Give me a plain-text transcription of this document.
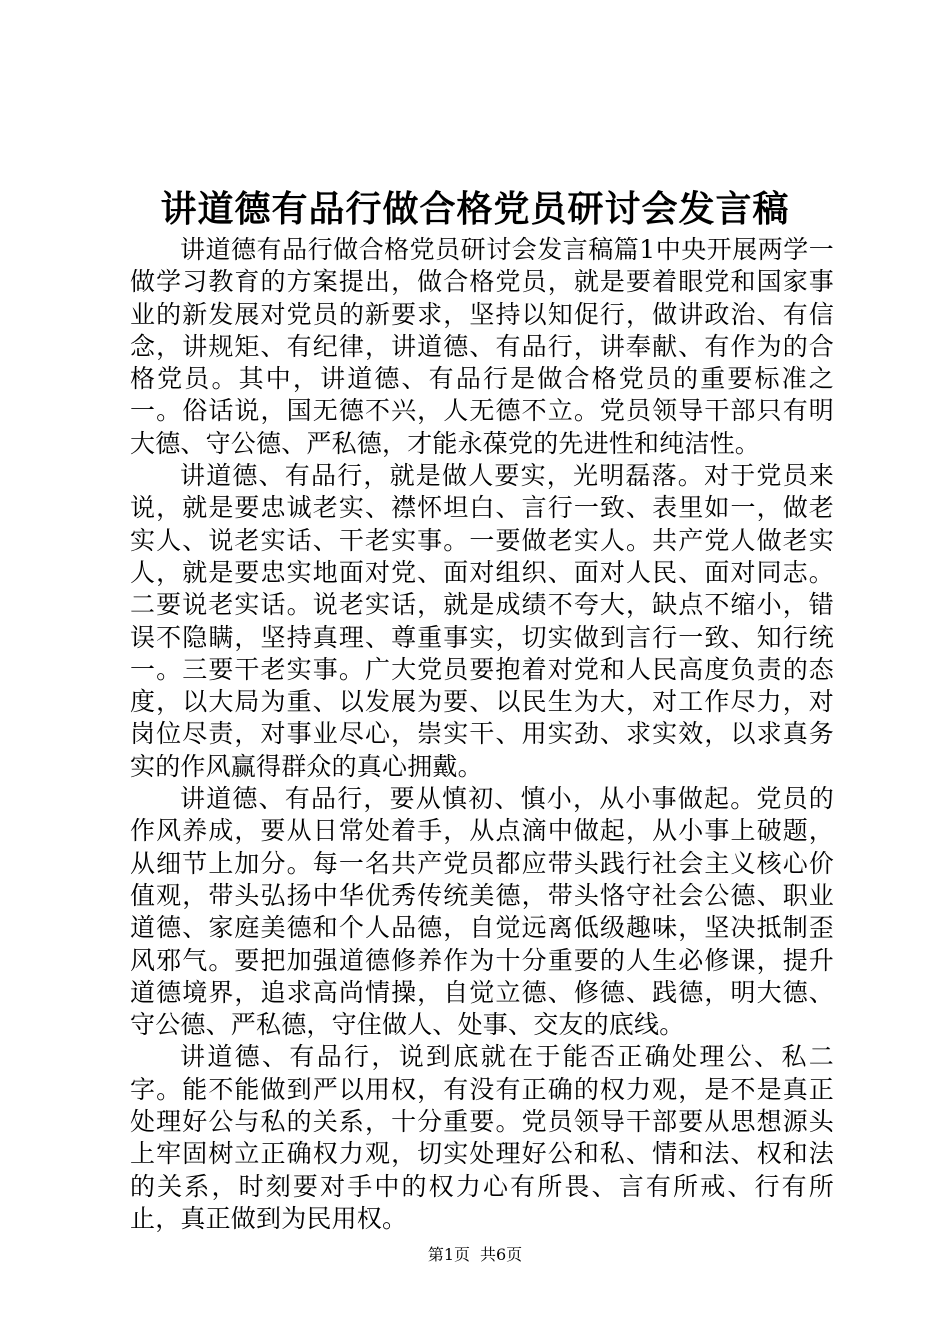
讲道德有品行做合格党员研讨会发言稿

讲道德有品行做合格党员研讨会发言稿篇1中央开展两学一做学习教育的方案提出，做合格党员，就是要着眼党和国家事业的新发展对党员的新要求，坚持以知促行，做讲政治、有信念，讲规矩、有纪律，讲道德、有品行，讲奉献、有作为的合格党员。其中，讲道德、有品行是做合格党员的重要标准之一。俗话说，国无德不兴，人无德不立。党员领导干部只有明大德、守公德、严私德，才能永葆党的先进性和纯洁性。

讲道德、有品行，就是做人要实，光明磊落。对于党员来说，就是要忠诚老实、襟怀坦白、言行一致、表里如一，做老实人、说老实话、干老实事。一要做老实人。共产党人做老实人，就是要忠实地面对党、面对组织、面对人民、面对同志。二要说老实话。说老实话，就是成绩不夸大，缺点不缩小，错误不隐瞒，坚持真理、尊重事实，切实做到言行一致、知行统一。三要干老实事。广大党员要抱着对党和人民高度负责的态度，以大局为重、以发展为要、以民生为大，对工作尽力，对岗位尽责，对事业尽心，崇实干、用实劲、求实效，以求真务实的作风赢得群众的真心拥戴。

讲道德、有品行，要从慎初、慎小，从小事做起。党员的作风养成，要从日常处着手，从点滴中做起，从小事上破题，从细节上加分。每一名共产党员都应带头践行社会主义核心价值观，带头弘扬中华优秀传统美德，带头恪守社会公德、职业道德、家庭美德和个人品德，自觉远离低级趣味，坚决抵制歪风邪气。要把加强道德修养作为十分重要的人生必修课，提升道德境界，追求高尚情操，自觉立德、修德、践德，明大德、守公德、严私德，守住做人、处事、交友的底线。

讲道德、有品行，说到底就在于能否正确处理公、私二字。能不能做到严以用权，有没有正确的权力观，是不是真正处理好公与私的关系，十分重要。党员领导干部要从思想源头上牢固树立正确权力观，切实处理好公和私、情和法、权和法的关系，时刻要对手中的权力心有所畏、言有所戒、行有所止，真正做到为民用权。

第1页 共6页
